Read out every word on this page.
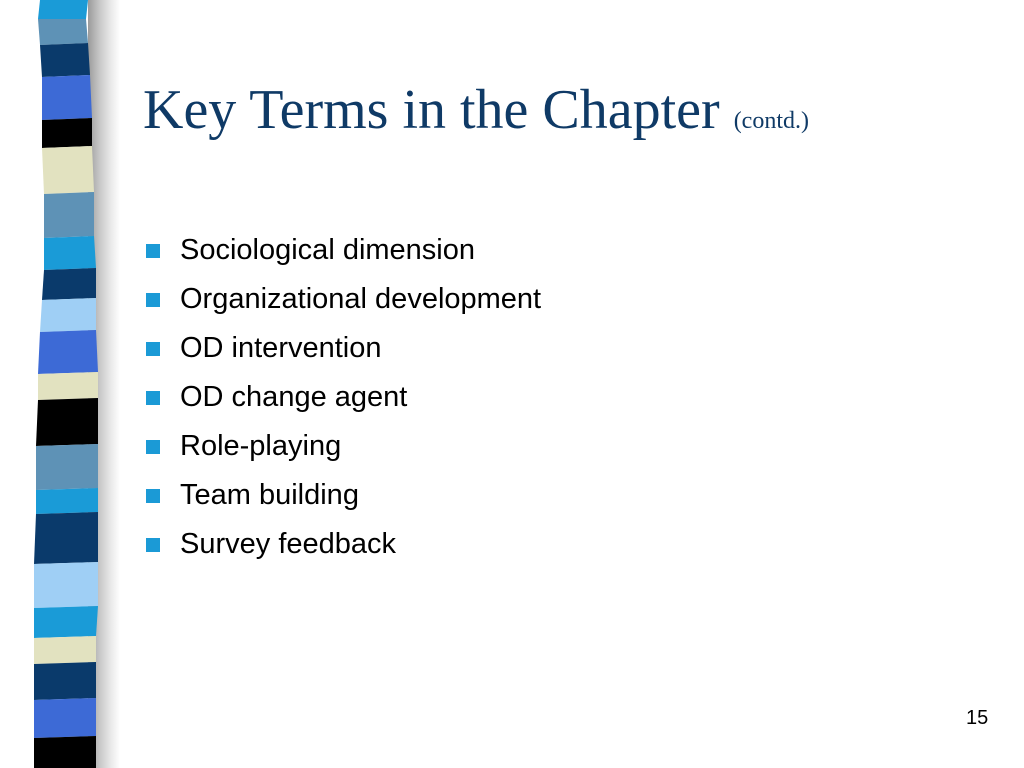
Key Terms in the Chapter (contd.)
Sociological dimension
Organizational development
OD intervention
OD change agent
Role-playing
Team building
Survey feedback
15
